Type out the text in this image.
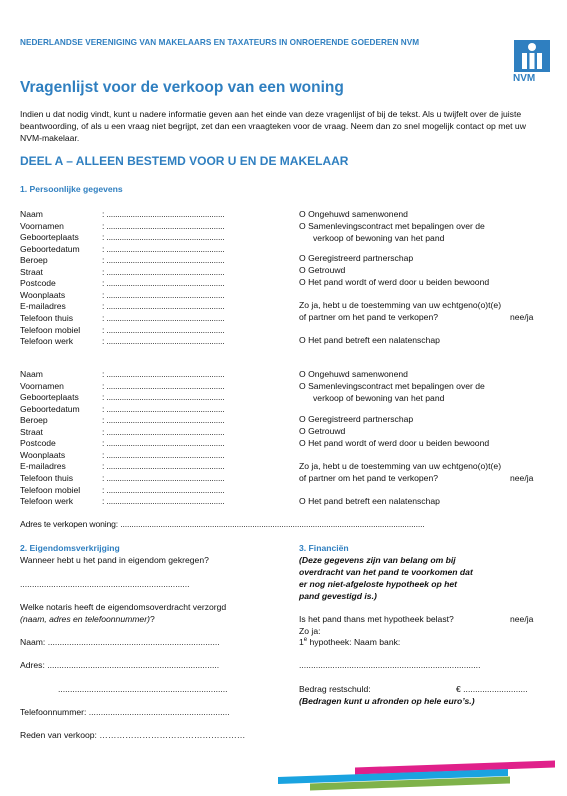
NEDERLANDSE VERENIGING VAN MAKELAARS EN TAXATEURS IN ONROERENDE GOEDEREN NVM
NVM
Vragenlijst voor de verkoop van een woning
Indien u dat nodig vindt, kunt u nadere informatie geven aan het einde van deze vragenlijst of bij de tekst. Als u twijfelt over de juiste beantwoording, of als u een vraag niet begrijpt, zet dan een vraagteken voor de vraag. Neem dan zo snel mogelijk contact op met uw NVM-makelaar.
DEEL A – ALLEEN BESTEMD VOOR U EN DE MAKELAAR
1. Persoonlijke gegevens
Naam	: ......................................................
Voornamen	: ......................................................
Geboorteplaats	: ......................................................
Geboortedatum	: ......................................................
Beroep	: ......................................................
Straat	: ......................................................
Postcode	: ......................................................
Woonplaats	: ......................................................
E-mailadres	: ......................................................
Telefoon thuis	: ......................................................
Telefoon mobiel	: ......................................................
Telefoon werk	: ......................................................
Naam	: ......................................................
Voornamen	: ......................................................
Geboorteplaats	: ......................................................
Geboortedatum	: ......................................................
Beroep	: ......................................................
Straat	: ......................................................
Postcode	: ......................................................
Woonplaats	: ......................................................
E-mailadres	: ......................................................
Telefoon thuis	: ......................................................
Telefoon mobiel	: ......................................................
Telefoon werk	: ......................................................
O Ongehuwd samenwonend
O Samenlevingscontract met bepalingen over de
verkoop of bewoning van het pand
O Geregistreerd partnerschap
O Getrouwd
O Het pand wordt of werd door u beiden bewoond
Zo ja, hebt u de toestemming van uw echtgeno(o)t(e)
of partner om het pand te verkopen?	nee/ja
O Het pand betreft een nalatenschap
O Ongehuwd samenwonend
O Samenlevingscontract met bepalingen over de
verkoop of bewoning van het pand
O Geregistreerd partnerschap
O Getrouwd
O Het pand wordt of werd door u beiden bewoond
Zo ja, hebt u de toestemming van uw echtgeno(o)t(e)
of partner om het pand te verkopen?	nee/ja
O Het pand betreft een nalatenschap
Adres te verkopen woning: ........................................................................................................................................
2. Eigendomsverkrijging
Wanneer hebt u het pand in eigendom gekregen?
.......................................................................
Welke notaris heeft de eigendomsoverdracht verzorgd
(naam, adres en telefoonnummer)?
Naam: ........................................................................
Adres: ........................................................................
.......................................................................
Telefoonnummer: ...........................................................
Reden van verkoop: ……………………………………………
3. Financiën
(Deze gegevens zijn van belang om bij
overdracht van het pand te voorkomen dat
er nog niet-afgeloste hypotheek op het
pand gevestigd is.)
Is het pand thans met hypotheek belast?	nee/ja
Zo ja:
1e hypotheek: Naam bank:
............................................................................
Bedrag restschuld:	€ ...........................
(Bedragen kunt u afronden op hele euro’s.)
